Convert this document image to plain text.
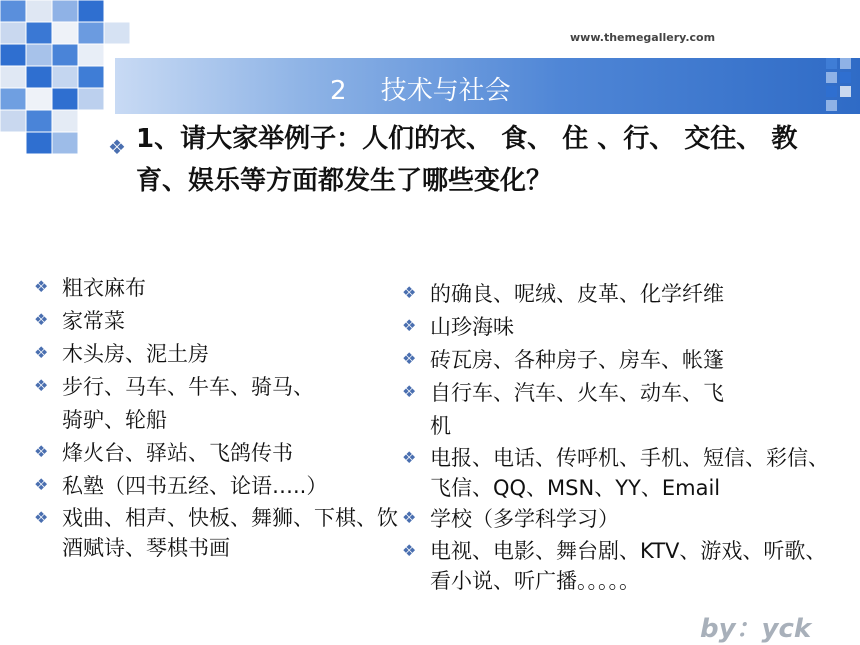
www.themegallery.com
2　 技术与社会
❖ 1、请大家举例子：人们的衣、 食、 住 、行、 交往、 教育、娱乐等方面都发生了哪些变化？
❖ 粗衣麻布
❖ 家常菜
❖ 木头房、泥土房
❖ 步行、马车、牛车、骑马、骑驴、轮船
❖ 烽火台、驿站、飞鸽传书
❖ 私塾（四书五经、论语…..）
❖ 戏曲、相声、快板、舞狮、下棋、饮酒赋诗、琴棋书画
❖ 的确良、呢绒、皮革、化学纤维
❖ 山珍海味
❖ 砖瓦房、各种房子、房车、帐篷
❖ 自行车、汽车、火车、动车、飞机
❖ 电报、电话、传呼机、手机、短信、彩信、飞信、QQ、MSN、YY、Email
❖ 学校（多学科学习）
❖ 电视、电影、舞台剧、KTV、游戏、听歌、看小说、听广播。。。。。
by：yck
